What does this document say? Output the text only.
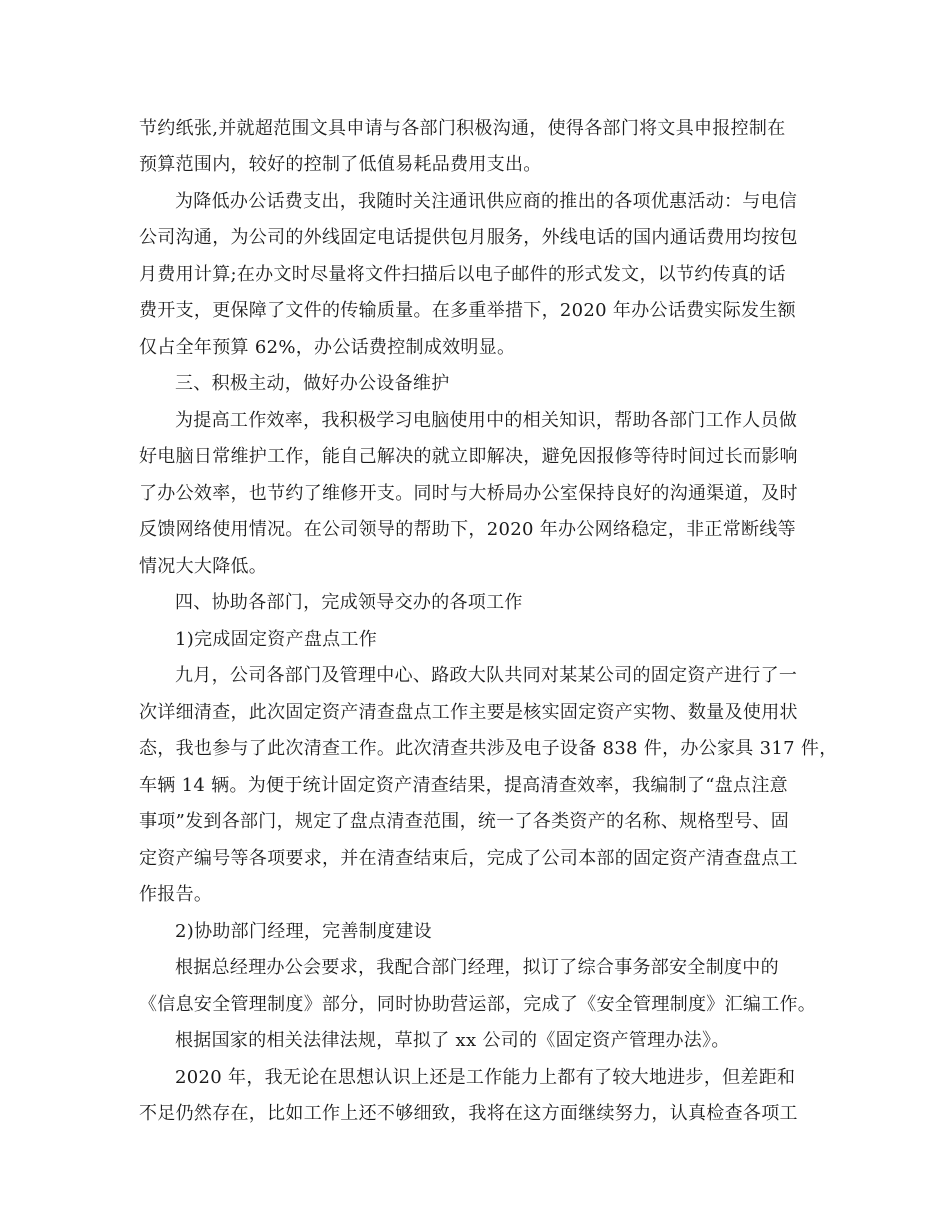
节约纸张,并就超范围文具申请与各部门积极沟通，使得各部门将文具申报控制在
预算范围内，较好的控制了低值易耗品费用支出。
为降低办公话费支出，我随时关注通讯供应商的推出的各项优惠活动：与电信
公司沟通，为公司的外线固定电话提供包月服务，外线电话的国内通话费用均按包
月费用计算;在办文时尽量将文件扫描后以电子邮件的形式发文，以节约传真的话
费开支，更保障了文件的传输质量。在多重举措下，2020 年办公话费实际发生额
仅占全年预算 62%，办公话费控制成效明显。
三、积极主动，做好办公设备维护
为提高工作效率，我积极学习电脑使用中的相关知识，帮助各部门工作人员做
好电脑日常维护工作，能自己解决的就立即解决，避免因报修等待时间过长而影响
了办公效率，也节约了维修开支。同时与大桥局办公室保持良好的沟通渠道，及时
反馈网络使用情况。在公司领导的帮助下，2020 年办公网络稳定，非正常断线等
情况大大降低。
四、协助各部门，完成领导交办的各项工作
1)完成固定资产盘点工作
九月，公司各部门及管理中心、路政大队共同对某某公司的固定资产进行了一
次详细清查，此次固定资产清查盘点工作主要是核实固定资产实物、数量及使用状
态，我也参与了此次清查工作。此次清查共涉及电子设备 838 件，办公家具 317 件，
车辆 14 辆。为便于统计固定资产清查结果，提高清查效率，我编制了“盘点注意
事项”发到各部门，规定了盘点清查范围，统一了各类资产的名称、规格型号、固
定资产编号等各项要求，并在清查结束后，完成了公司本部的固定资产清查盘点工
作报告。
2)协助部门经理，完善制度建设
根据总经理办公会要求，我配合部门经理，拟订了综合事务部安全制度中的
《信息安全管理制度》部分，同时协助营运部，完成了《安全管理制度》汇编工作。
根据国家的相关法律法规，草拟了 xx 公司的《固定资产管理办法》。
2020 年，我无论在思想认识上还是工作能力上都有了较大地进步，但差距和
不足仍然存在，比如工作上还不够细致，我将在这方面继续努力，认真检查各项工
